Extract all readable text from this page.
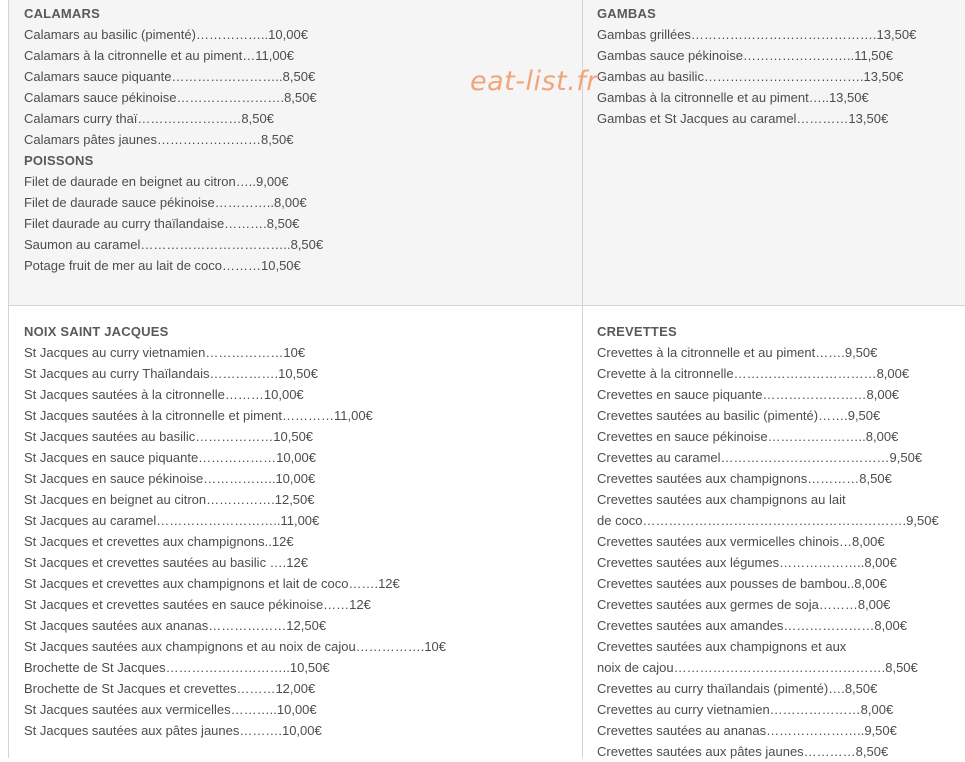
CALAMARS
Calamars au basilic (pimenté)……………..10,00€
Calamars à la citronnelle et au piment…11,00€
Calamars sauce piquante……………………..8,50€
Calamars sauce pékinoise…………………….8,50€
Calamars curry thaï……………………8,50€
Calamars pâtes jaunes……………………8,50€
POISSONS
Filet de daurade en beignet au citron…..9,00€
Filet de daurade sauce pékinoise…………..8,00€
Filet daurade au curry thaïlandaise……….8,50€
Saumon au caramel……………………………..8,50€
Potage fruit de mer au lait de coco………10,50€
GAMBAS
Gambas grillées…………………………………….13,50€
Gambas sauce pékinoise……………………..11,50€
Gambas au basilic……………………………….13,50€
Gambas à la citronnelle et au piment…..13,50€
Gambas et St Jacques au caramel…………13,50€
NOIX SAINT JACQUES
St Jacques au curry vietnamien………………10€
St Jacques au curry Thaïlandais…………….10,50€
St Jacques sautées à la citronnelle………10,00€
St Jacques sautées à la citronnelle et piment…………11,00€
St Jacques sautées au basilic………………10,50€
St Jacques en sauce piquante………………10,00€
St Jacques en sauce pékinoise……………..10,00€
St Jacques en beignet au citron…………….12,50€
St Jacques au caramel………………………..11,00€
St Jacques et crevettes aux champignons..12€
St Jacques et crevettes sautées au basilic ….12€
St Jacques et crevettes aux champignons et lait de coco…….12€
St Jacques et crevettes sautées en sauce pékinoise……12€
St Jacques sautées aux ananas………………12,50€
St Jacques sautées aux champignons et au noix de cajou…………….10€
Brochette de St Jacques………………………..10,50€
Brochette de St Jacques et crevettes………12,00€
St Jacques sautées aux vermicelles………..10,00€
St Jacques sautées aux pâtes jaunes……….10,00€
CREVETTES
Crevettes à la citronnelle et au piment…….9,50€
Crevette à la citronnelle……………………………8,00€
Crevettes en sauce piquante……………………8,00€
Crevettes sautées au basilic (pimenté)…….9,50€
Crevettes en sauce pékinoise…………………..8,00€
Crevettes au caramel…………………………………9,50€
Crevettes sautées aux champignons…………8,50€
Crevettes sautées aux champignons au lait
de coco…………………………………………………….9,50€
Crevettes sautées aux vermicelles chinois…8,00€
Crevettes sautées aux légumes………………..8,00€
Crevettes sautées aux pousses de bambou..8,00€
Crevettes sautées aux germes de soja………8,00€
Crevettes sautées aux amandes…………………8,00€
Crevettes sautées aux champignons et aux
noix de cajou………………………………………….8,50€
Crevettes au curry thaïlandais (pimenté)….8,50€
Crevettes au curry vietnamien…………………8,00€
Crevettes sautées au ananas…………………..9,50€
Crevettes sautées aux pâtes jaunes…………8,50€
eat-list.fr
